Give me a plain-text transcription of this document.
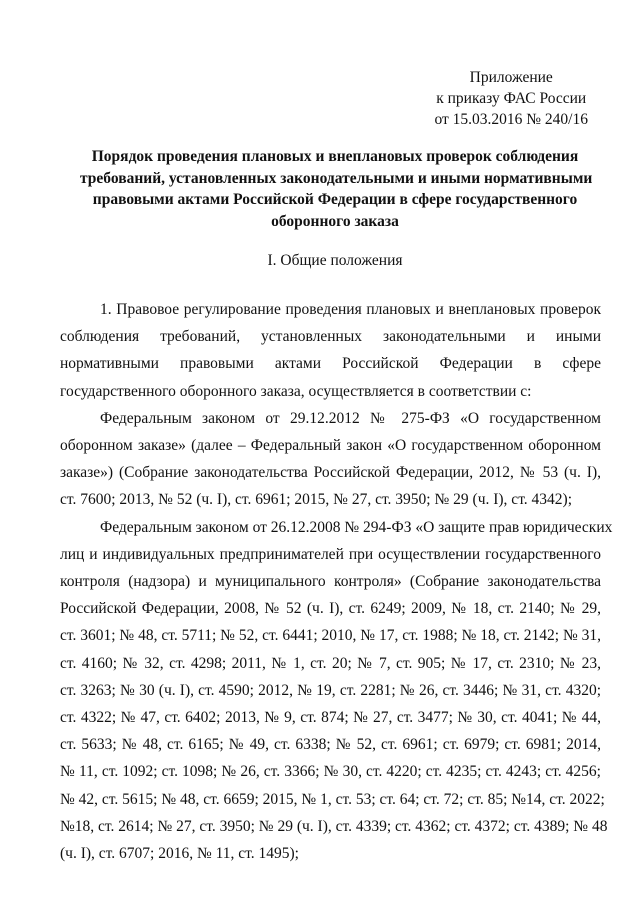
Приложение
к приказу ФАС России
от 15.03.2016 № 240/16
Порядок проведения плановых и внеплановых проверок соблюдения
требований, установленных законодательными и иными нормативными
правовыми актами Российской Федерации в сфере государственного
оборонного заказа
I. Общие положения
1. Правовое регулирование проведения плановых и внеплановых проверок
соблюдения требований, установленных законодательными и иными
нормативными правовыми актами Российской Федерации в сфере
государственного оборонного заказа, осуществляется в соответствии с:
Федеральным законом от 29.12.2012 № 275-ФЗ «О государственном
оборонном заказе» (далее – Федеральный закон «О государственном оборонном
заказе») (Собрание законодательства Российской Федерации, 2012, № 53 (ч. I),
ст. 7600; 2013, № 52 (ч. I), ст. 6961; 2015, № 27, ст. 3950; № 29 (ч. I), ст. 4342);
Федеральным законом от 26.12.2008 № 294-ФЗ «О защите прав юридических
лиц и индивидуальных предпринимателей при осуществлении государственного
контроля (надзора) и муниципального контроля» (Собрание законодательства
Российской Федерации, 2008, № 52 (ч. I), ст. 6249; 2009, № 18, ст. 2140; № 29,
ст. 3601; № 48, ст. 5711; № 52, ст. 6441; 2010, № 17, ст. 1988; № 18, ст. 2142; № 31,
ст. 4160; № 32, ст. 4298; 2011, № 1, ст. 20; № 7, ст. 905; № 17, ст. 2310; № 23,
ст. 3263; № 30 (ч. I), ст. 4590; 2012, № 19, ст. 2281; № 26, ст. 3446; № 31, ст. 4320;
ст. 4322; № 47, ст. 6402; 2013, № 9, ст. 874; № 27, ст. 3477; № 30, ст. 4041; № 44,
ст. 5633; № 48, ст. 6165; № 49, ст. 6338; № 52, ст. 6961; ст. 6979; ст. 6981; 2014,
№ 11, ст. 1092; ст. 1098; № 26, ст. 3366; № 30, ст. 4220; ст. 4235; ст. 4243; ст. 4256;
№ 42, ст. 5615; № 48, ст. 6659; 2015, № 1, ст. 53; ст. 64; ст. 72; ст. 85; №14, ст. 2022;
№18, ст. 2614; № 27, ст. 3950; № 29 (ч. I), ст. 4339; ст. 4362; ст. 4372; ст. 4389; № 48
(ч. I), ст. 6707; 2016, № 11, ст. 1495);
